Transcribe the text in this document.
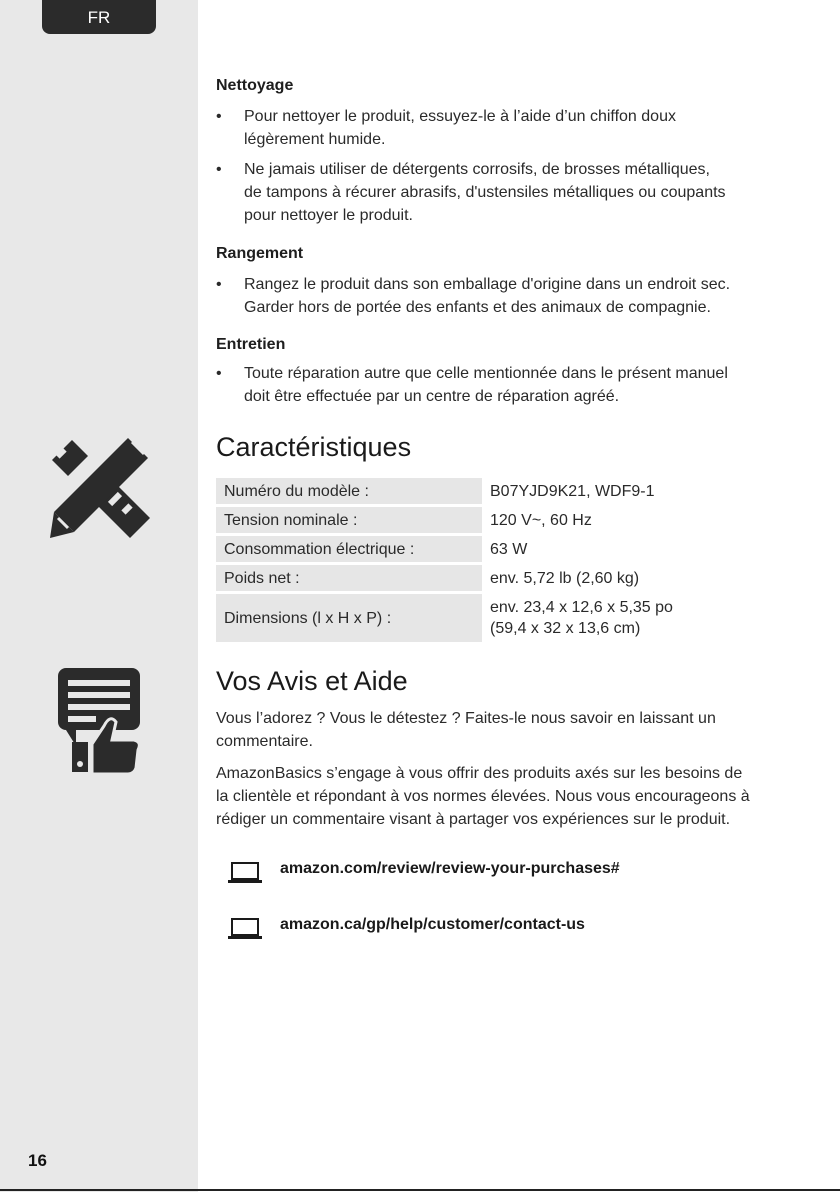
FR
16
Nettoyage
• Pour nettoyer le produit, essuyez-le à l’aide d’un chiffon doux
légèrement humide.
• Ne jamais utiliser de détergents corrosifs, de brosses métalliques,
de tampons à récurer abrasifs, d'ustensiles métalliques ou coupants
pour nettoyer le produit.
Rangement
• Rangez le produit dans son emballage d'origine dans un endroit sec.
Garder hors de portée des enfants et des animaux de compagnie.
Entretien
• Toute réparation autre que celle mentionnée dans le présent manuel
doit être effectuée par un centre de réparation agréé.
Caractéristiques
Numéro du modèle :	B07YJD9K21, WDF9-1
Tension nominale :	120 V~, 60 Hz
Consommation électrique :	63 W
Poids net :	env. 5,72 lb (2,60 kg)
Dimensions (l x H x P) :	env. 23,4 x 12,6 x 5,35 po
(59,4 x 32 x 13,6 cm)
Vos Avis et Aide
Vous l’adorez ? Vous le détestez ? Faites-le nous savoir en laissant un
commentaire.
AmazonBasics s’engage à vous offrir des produits axés sur les besoins de
la clientèle et répondant à vos normes élevées. Nous vous encourageons à
rédiger un commentaire visant à partager vos expériences sur le produit.
amazon.com/review/review-your-purchases#
amazon.ca/gp/help/customer/contact-us
